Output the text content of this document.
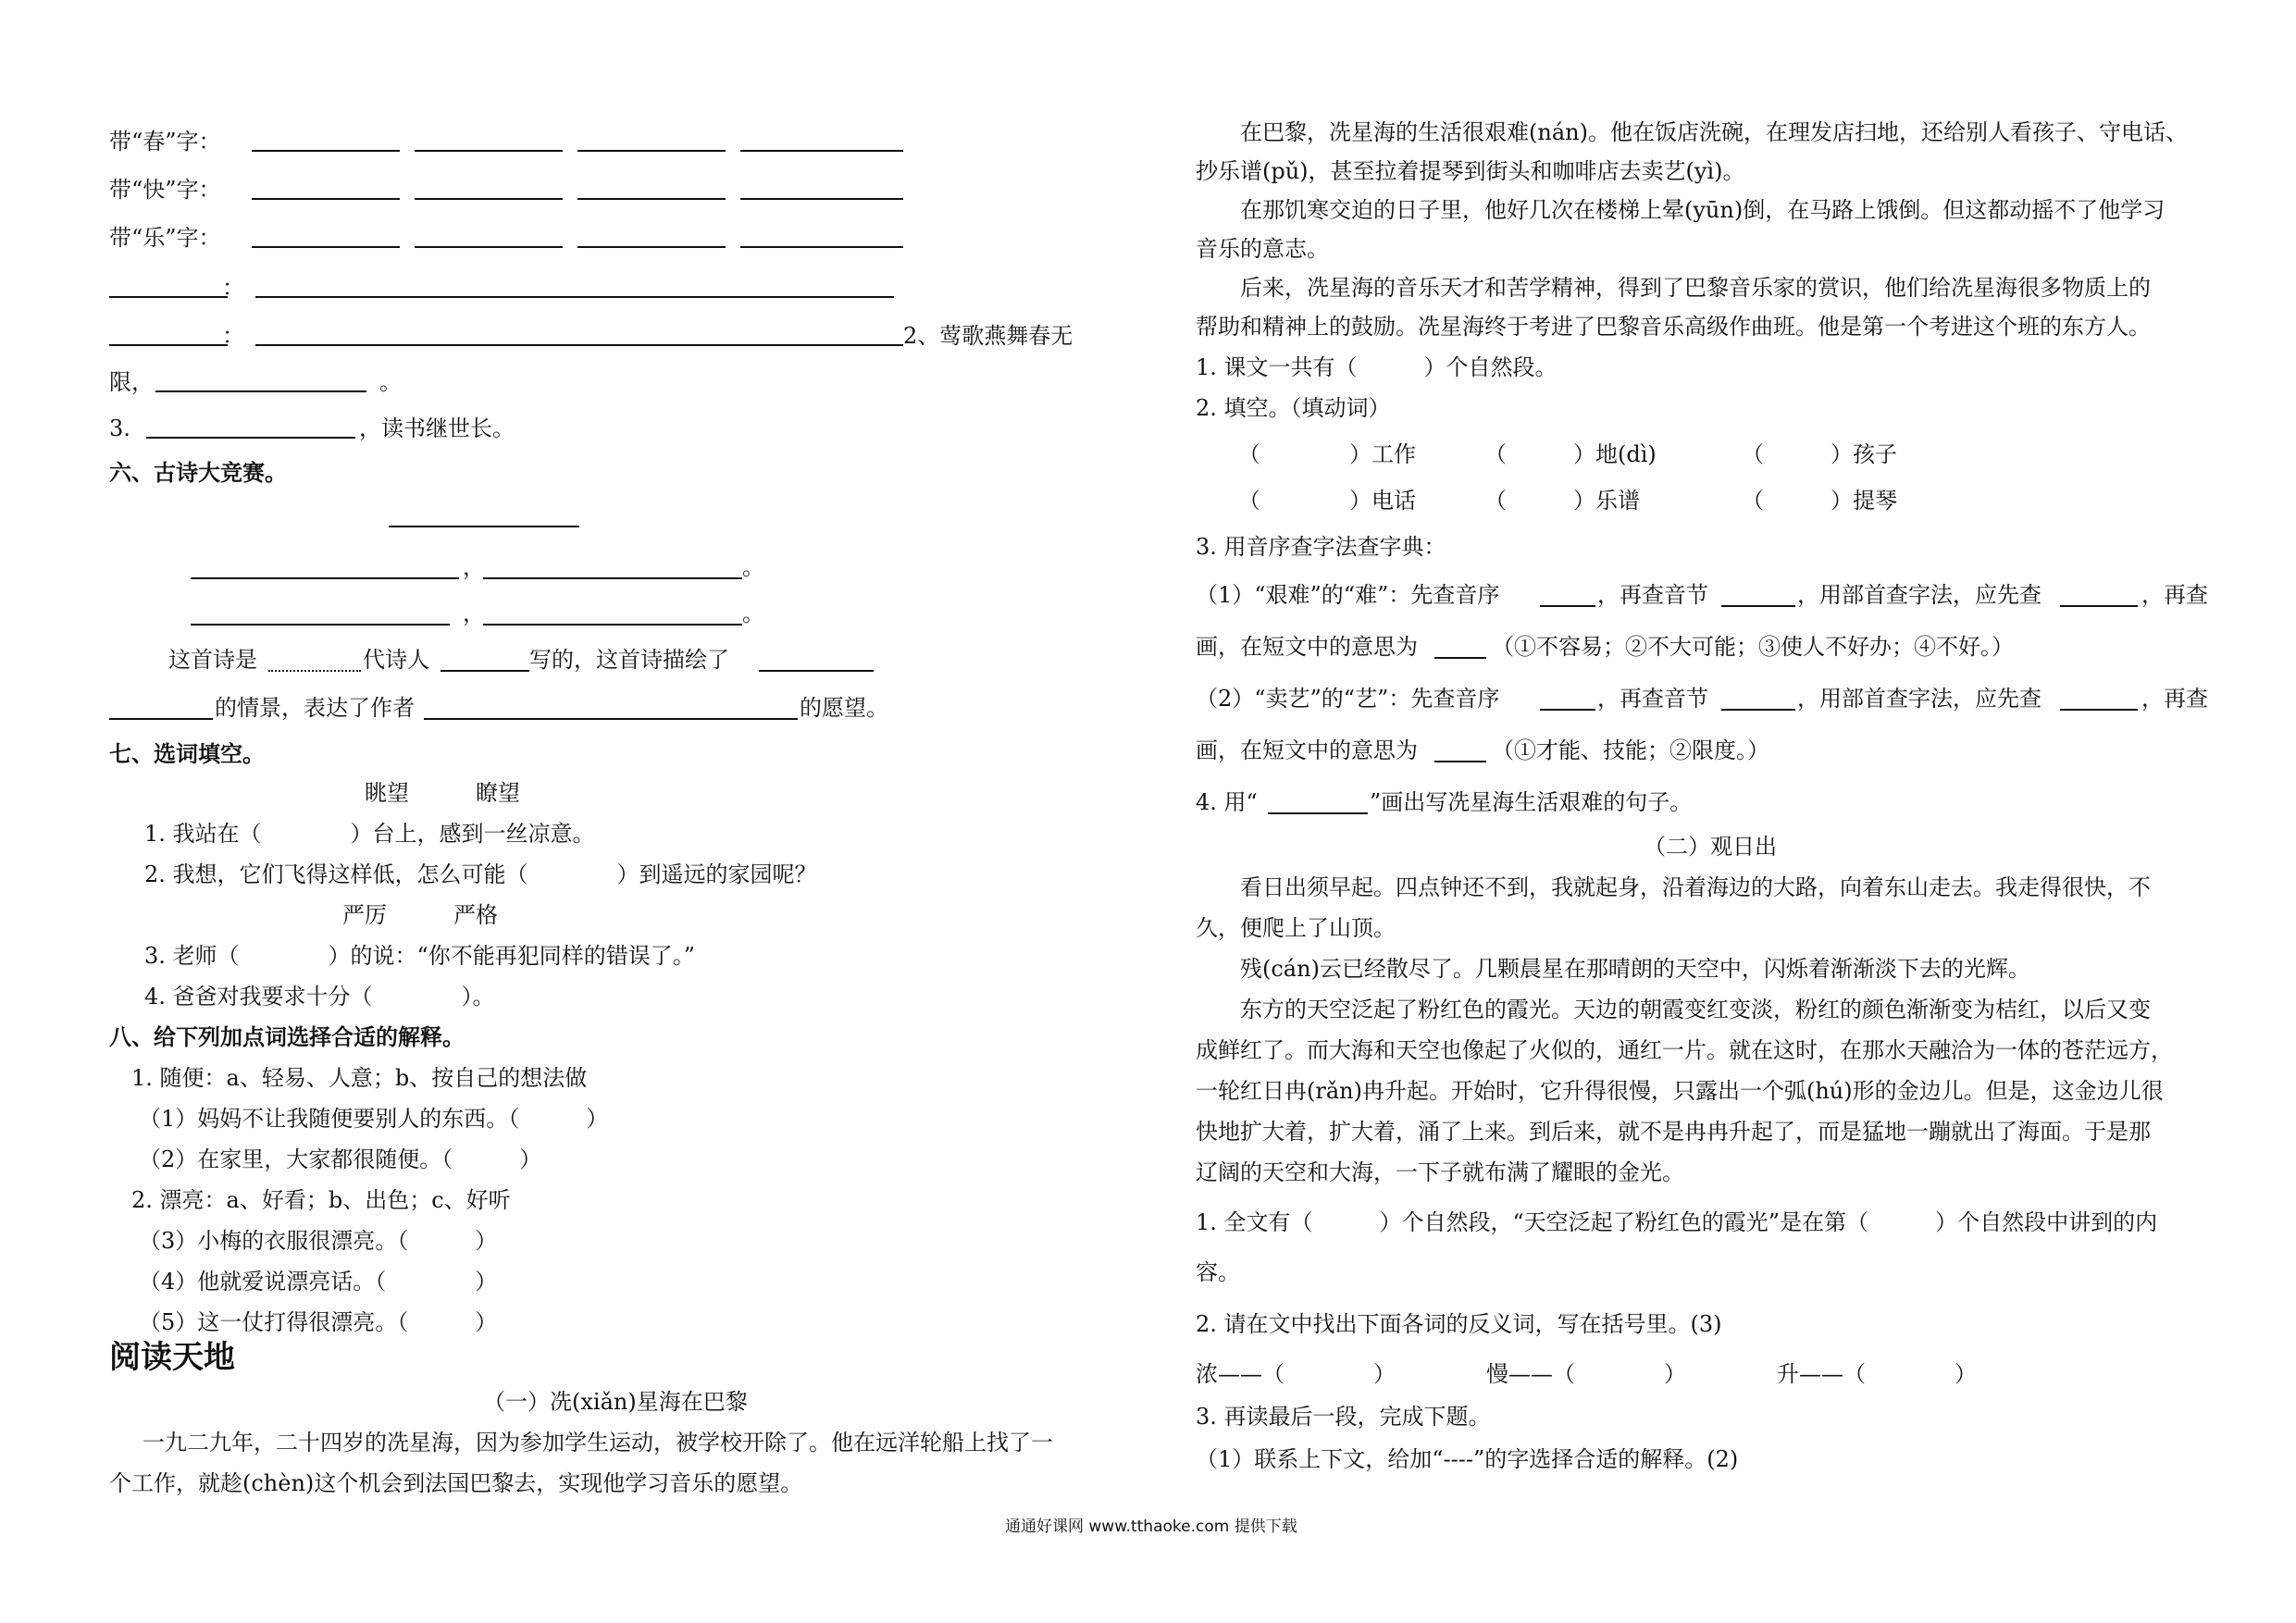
带“春”字：
带“快”字：
带“乐”字：
：
：	2、莺歌燕舞春无
限，	。
3.	，读书继世长。
六、古诗大竞赛。
，	。
，	。
这首诗是	代诗人	写的，这首诗描绘了
的情景，表达了作者	的愿望。
七、选词填空。
眺望　　　瞭望
1. 我站在（　　　　）台上，感到一丝凉意。
2. 我想，它们飞得这样低，怎么可能（　　　　）到遥远的家园呢？
严厉　　　严格
3. 老师（　　　　）的说：“你不能再犯同样的错误了。”
4. 爸爸对我要求十分（　　　　）。
八、给下列加点词选择合适的解释。
1. 随便：a、轻易、人意；b、按自己的想法做
（1）妈妈不让我随便要别人的东西。（　　　）
（2）在家里，大家都很随便。（　　　）
2. 漂亮：a、好看；b、出色；c、好听
（3）小梅的衣服很漂亮。（　　　）
（4）他就爱说漂亮话。（　　　　）
（5）这一仗打得很漂亮。（　　　）
阅读天地
（一）冼(xiǎn)星海在巴黎
一九二九年，二十四岁的冼星海，因为参加学生运动，被学校开除了。他在远洋轮船上找了一
个工作，就趁(chèn)这个机会到法国巴黎去，实现他学习音乐的愿望。
在巴黎，冼星海的生活很艰难(nán)。他在饭店洗碗，在理发店扫地，还给别人看孩子、守电话、
抄乐谱(pǔ)，甚至拉着提琴到街头和咖啡店去卖艺(yì)。
在那饥寒交迫的日子里，他好几次在楼梯上晕(yūn)倒，在马路上饿倒。但这都动摇不了他学习
音乐的意志。
后来，冼星海的音乐天才和苦学精神，得到了巴黎音乐家的赏识，他们给冼星海很多物质上的
帮助和精神上的鼓励。冼星海终于考进了巴黎音乐高级作曲班。他是第一个考进这个班的东方人。
1. 课文一共有（　　　）个自然段。
2. 填空。（填动词）
（　　　　）工作	（　　　）地(dì)	（　　　）孩子
（　　　　）电话	（　　　）乐谱	（　　　）提琴
3. 用音序查字法查字典：
（1）“艰难”的“难”：先查音序	，再查音节	，用部首查字法，应先查	，再查
画，在短文中的意思为	（①不容易；②不大可能；③使人不好办；④不好。）
（2）“卖艺”的“艺”：先查音序	，再查音节	，用部首查字法，应先查	，再查
画，在短文中的意思为	（①才能、技能；②限度。）
4. 用“	”画出写冼星海生活艰难的句子。
（二）观日出
看日出须早起。四点钟还不到，我就起身，沿着海边的大路，向着东山走去。我走得很快，不
久，便爬上了山顶。
残(cán)云已经散尽了。几颗晨星在那晴朗的天空中，闪烁着渐渐淡下去的光辉。
东方的天空泛起了粉红色的霞光。天边的朝霞变红变淡，粉红的颜色渐渐变为桔红，以后又变
成鲜红了。而大海和天空也像起了火似的，通红一片。就在这时，在那水天融洽为一体的苍茫远方，
一轮红日冉(rǎn)冉升起。开始时，它升得很慢，只露出一个弧(hú)形的金边儿。但是，这金边儿很
快地扩大着，扩大着，涌了上来。到后来，就不是冉冉升起了，而是猛地一蹦就出了海面。于是那
辽阔的天空和大海，一下子就布满了耀眼的金光。
1. 全文有（　　　）个自然段，“天空泛起了粉红色的霞光”是在第（　　　）个自然段中讲到的内
容。
2. 请在文中找出下面各词的反义词，写在括号里。(3)
浓——（　　　　）	慢——（　　　　）	升——（　　　　）
3. 再读最后一段，完成下题。
（1）联系上下文，给加“----”的字选择合适的解释。(2)
通通好课网 www.tthaoke.com 提供下载
